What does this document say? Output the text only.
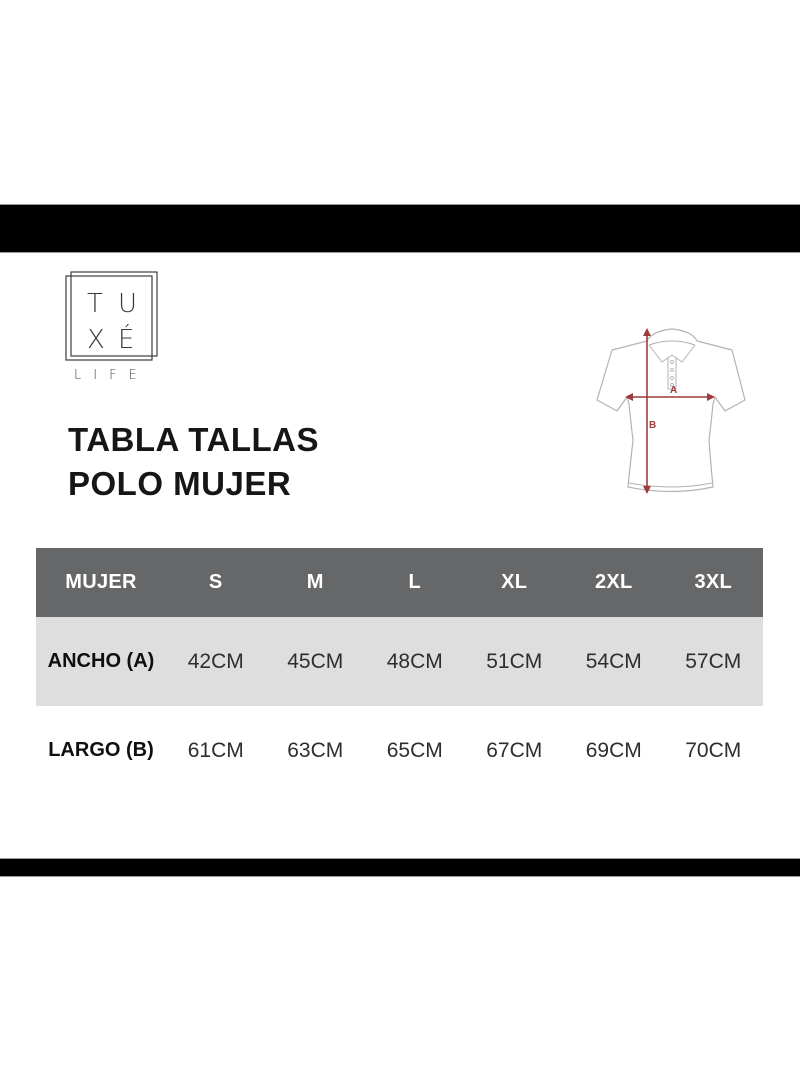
T U
X É
LIFE
A
B
TABLA TALLAS
POLO MUJER
MUJER	S	M	L	XL	2XL	3XL
ANCHO (A)	42CM	45CM	48CM	51CM	54CM	57CM
LARGO (B)	61CM	63CM	65CM	67CM	69CM	70CM
